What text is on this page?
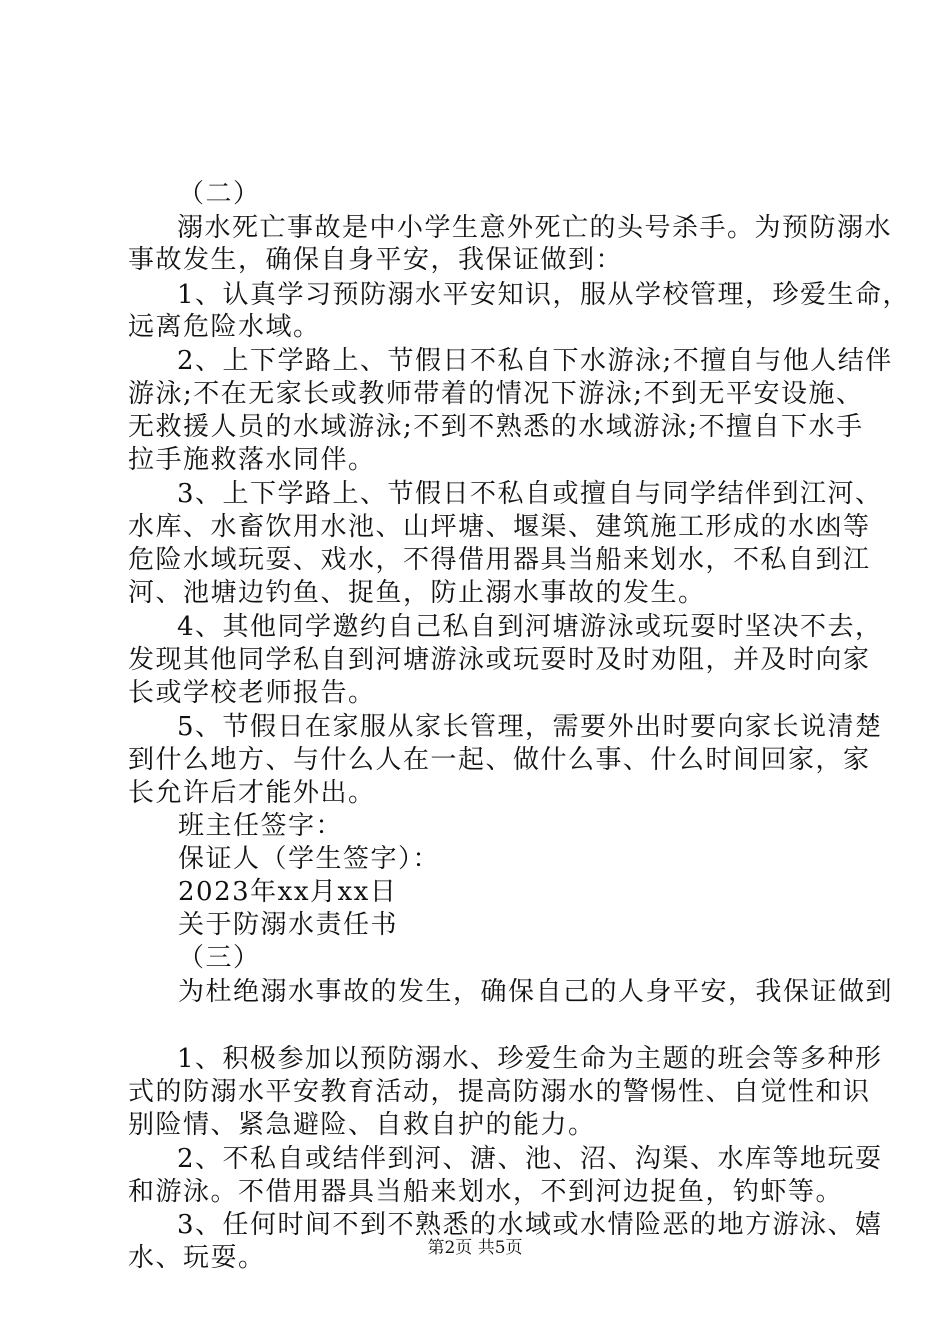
（二）
溺水死亡事故是中小学生意外死亡的头号杀手。为预防溺水
事故发生，确保自身平安，我保证做到：
1、认真学习预防溺水平安知识，服从学校管理，珍爱生命，
远离危险水域。
2、上下学路上、节假日不私自下水游泳;不擅自与他人结伴
游泳;不在无家长或教师带着的情况下游泳;不到无平安设施、
无救援人员的水域游泳;不到不熟悉的水域游泳;不擅自下水手
拉手施救落水同伴。
3、上下学路上、节假日不私自或擅自与同学结伴到江河、
水库、水畜饮用水池、山坪塘、堰渠、建筑施工形成的水凼等
危险水域玩耍、戏水，不得借用器具当船来划水，不私自到江
河、池塘边钓鱼、捉鱼，防止溺水事故的发生。
4、其他同学邀约自己私自到河塘游泳或玩耍时坚决不去，
发现其他同学私自到河塘游泳或玩耍时及时劝阻，并及时向家
长或学校老师报告。
5、节假日在家服从家长管理，需要外出时要向家长说清楚
到什么地方、与什么人在一起、做什么事、什么时间回家，家
长允许后才能外出。
班主任签字：
保证人（学生签字）：
2023年xx月xx日
关于防溺水责任书
（三）
为杜绝溺水事故的发生，确保自己的人身平安，我保证做到
1、积极参加以预防溺水、珍爱生命为主题的班会等多种形
式的防溺水平安教育活动，提高防溺水的警惕性、自觉性和识
别险情、紧急避险、自救自护的能力。
2、不私自或结伴到河、溏、池、沼、沟渠、水库等地玩耍
和游泳。不借用器具当船来划水，不到河边捉鱼，钓虾等。
3、任何时间不到不熟悉的水域或水情险恶的地方游泳、嬉
水、玩耍。	第2页 共5页
